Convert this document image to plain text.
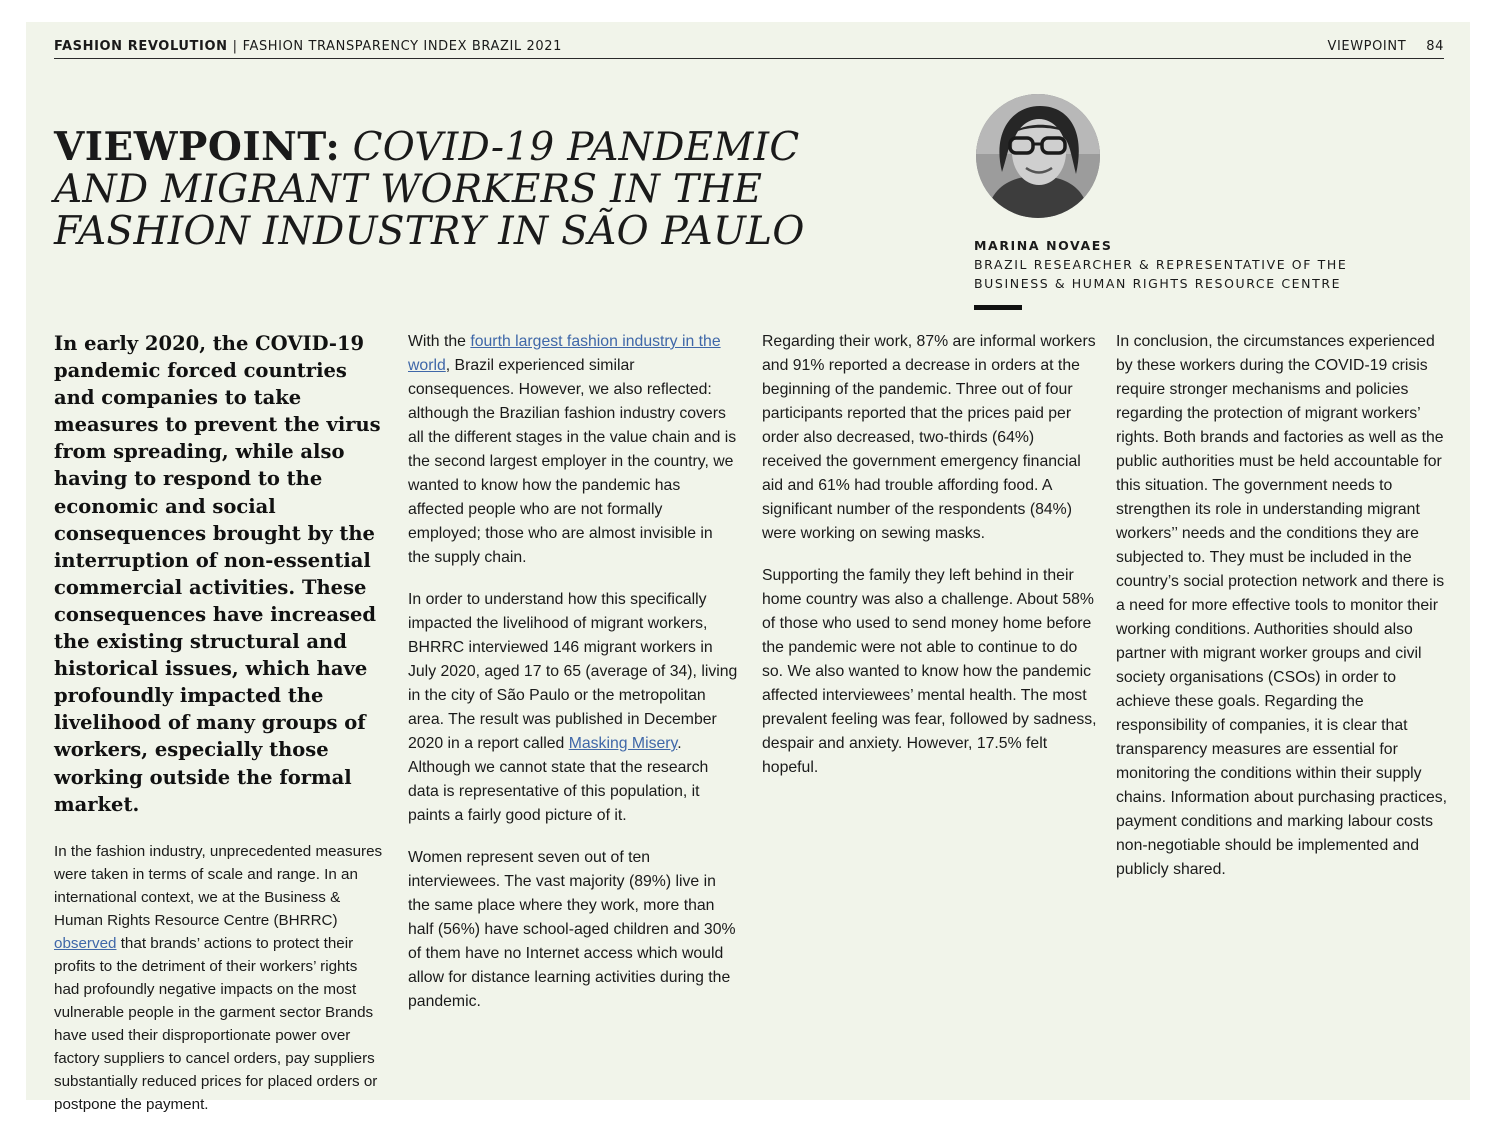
FASHION REVOLUTION | FASHION TRANSPARENCY INDEX BRAZIL 2021	VIEWPOINT 84
VIEWPOINT: COVID-19 PANDEMIC AND MIGRANT WORKERS IN THE FASHION INDUSTRY IN SÃO PAULO	MARINA NOVAES
BRAZIL RESEARCHER & REPRESENTATIVE OF THE
BUSINESS & HUMAN RIGHTS RESOURCE CENTRE

In early 2020, the COVID-19 pandemic forced countries and companies to take measures to prevent the virus from spreading, while also having to respond to the economic and social consequences brought by the interruption of non-essential commercial activities. These consequences have increased the existing structural and historical issues, which have profoundly impacted the livelihood of many groups of workers, especially those working outside the formal market.

In the fashion industry, unprecedented measures were taken in terms of scale and range. In an international context, we at the Business & Human Rights Resource Centre (BHRRC) observed that brands’ actions to protect their profits to the detriment of their workers’ rights had profoundly negative impacts on the most vulnerable people in the garment sector Brands have used their disproportionate power over factory suppliers to cancel orders, pay suppliers substantially reduced prices for placed orders or postpone the payment.

With the fourth largest fashion industry in the world, Brazil experienced similar consequences. However, we also reflected: although the Brazilian fashion industry covers all the different stages in the value chain and is the second largest employer in the country, we wanted to know how the pandemic has affected people who are not formally employed; those who are almost invisible in the supply chain.

In order to understand how this specifically impacted the livelihood of migrant workers, BHRRC interviewed 146 migrant workers in July 2020, aged 17 to 65 (average of 34), living in the city of São Paulo or the metropolitan area. The result was published in December 2020 in a report called Masking Misery. Although we cannot state that the research data is representative of this population, it paints a fairly good picture of it.

Women represent seven out of ten interviewees. The vast majority (89%) live in the same place where they work, more than half (56%) have school-aged children and 30% of them have no Internet access which would allow for distance learning activities during the pandemic.

Regarding their work, 87% are informal workers and 91% reported a decrease in orders at the beginning of the pandemic. Three out of four participants reported that the prices paid per order also decreased, two-thirds (64%) received the government emergency financial aid and 61% had trouble affording food. A significant number of the respondents (84%) were working on sewing masks.

Supporting the family they left behind in their home country was also a challenge. About 58% of those who used to send money home before the pandemic were not able to continue to do so. We also wanted to know how the pandemic affected interviewees’ mental health. The most prevalent feeling was fear, followed by sadness, despair and anxiety. However, 17.5% felt hopeful.

In conclusion, the circumstances experienced by these workers during the COVID-19 crisis require stronger mechanisms and policies regarding the protection of migrant workers’ rights. Both brands and factories as well as the public authorities must be held accountable for this situation. The government needs to strengthen its role in understanding migrant workers’’ needs and the conditions they are subjected to. They must be included in the country’s social protection network and there is a need for more effective tools to monitor their working conditions. Authorities should also partner with migrant worker groups and civil society organisations (CSOs) in order to achieve these goals. Regarding the responsibility of companies, it is clear that transparency measures are essential for monitoring the conditions within their supply chains. Information about purchasing practices, payment conditions and marking labour costs non-negotiable should be implemented and publicly shared.
